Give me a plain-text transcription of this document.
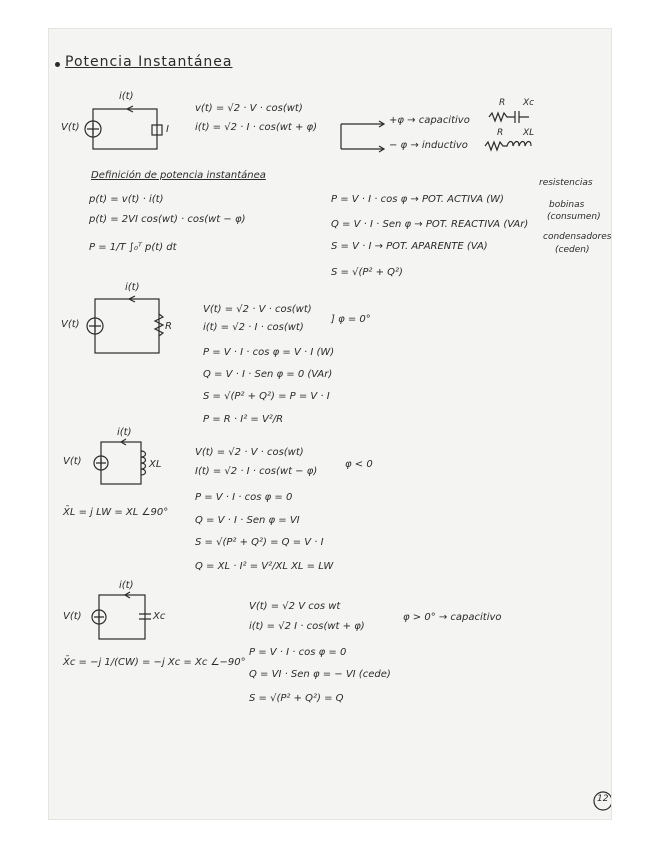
Potencia Instantánea
i(t)
V(t)	I
v(t) = √2 · V · cos(wt)
i(t) = √2 · I · cos(wt + φ)
+φ → capacitivo
− φ → inductivo
R Xc
R XL
Definición de potencia instantánea
p(t) = v(t) · i(t)
p(t) = 2VI cos(wt) · cos(wt − φ)
P = 1/T ∫₀ᵀ p(t) dt
P = V · I · cos φ → POT. ACTIVA (W)
Q = V · I · Sen φ → POT. REACTIVA (VAr)
S = V · I → POT. APARENTE (VA)
S = √(P² + Q²)
resistencias
bobinas
(consumen)
condensadores
(ceden)
i(t)
V(t)	R
V(t) = √2 · V · cos(wt)
i(t) = √2 · I · cos(wt)
] φ = 0°
P = V · I · cos φ = V · I (W)
Q = V · I · Sen φ = 0 (VAr)
S = √(P² + Q²) = P = V · I
P = R · I² = V²/R
i(t)
V(t)	XL
V(t) = √2 · V · cos(wt)
I(t) = √2 · I · cos(wt − φ)
φ < 0
X̄L = j LW = XL ∠90°
P = V · I · cos φ = 0
Q = V · I · Sen φ = VI
S = √(P² + Q²) = Q = V · I
Q = XL · I² = V²/XL XL = LW
i(t)
V(t)	Xc
V(t) = √2 V cos wt
i(t) = √2 I · cos(wt + φ)
φ > 0° → capacitivo
X̄c = −j 1/(CW) = −j Xc = Xc ∠−90°
P = V · I · cos φ = 0
Q = VI · Sen φ = − VI (cede)
S = √(P² + Q²) = Q
12
